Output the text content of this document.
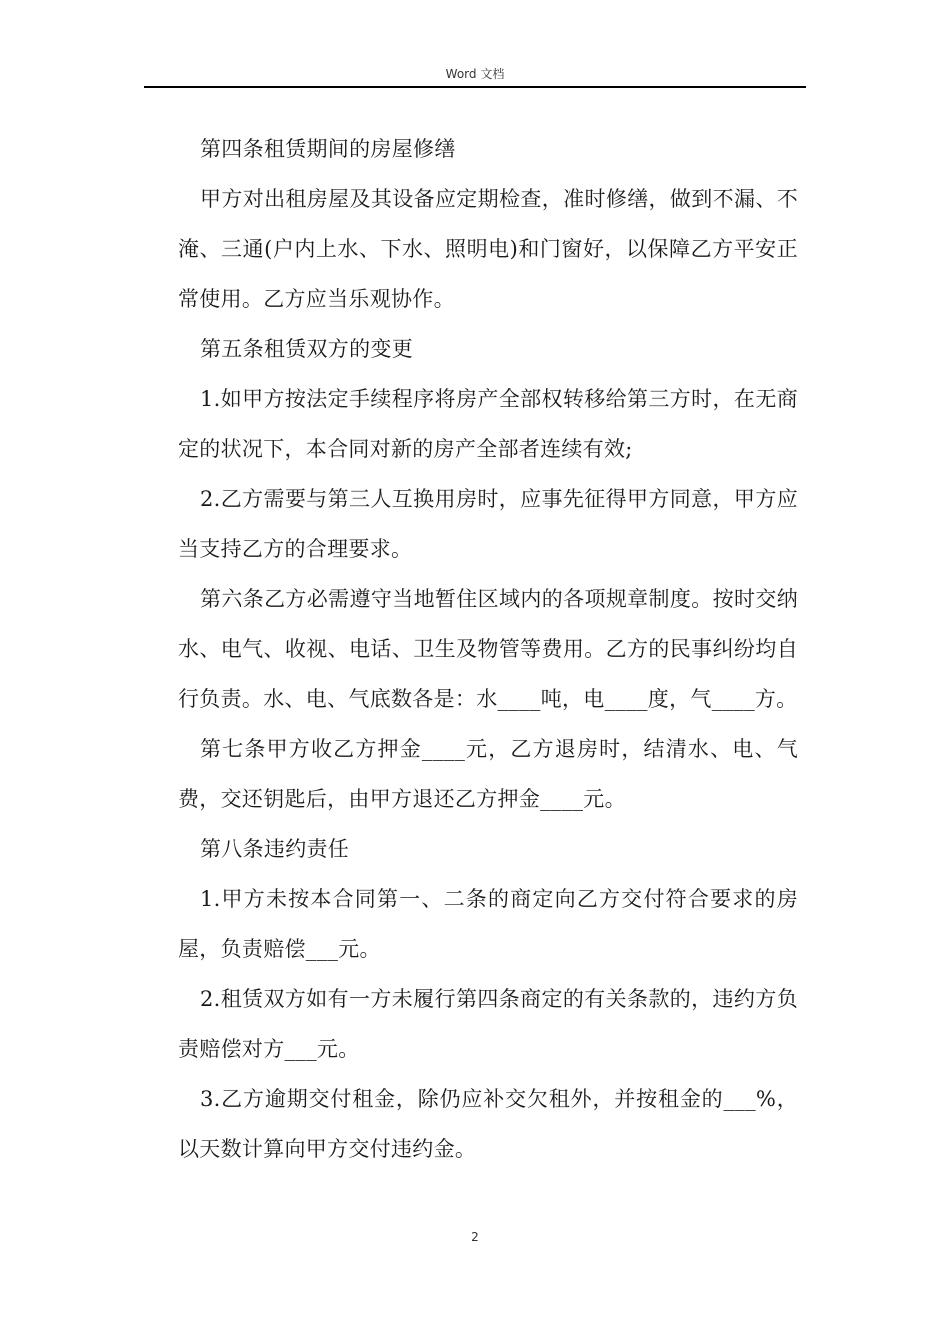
Word 文档

第四条租赁期间的房屋修缮

甲方对出租房屋及其设备应定期检查，准时修缮，做到不漏、不淹、三通(户内上水、下水、照明电)和门窗好，以保障乙方平安正常使用。乙方应当乐观协作。

第五条租赁双方的变更

1.如甲方按法定手续程序将房产全部权转移给第三方时，在无商定的状况下，本合同对新的房产全部者连续有效;

2.乙方需要与第三人互换用房时，应事先征得甲方同意，甲方应当支持乙方的合理要求。

第六条乙方必需遵守当地暂住区域内的各项规章制度。按时交纳水、电气、收视、电话、卫生及物管等费用。乙方的民事纠纷均自行负责。水、电、气底数各是：水____吨，电____度，气____方。

第七条甲方收乙方押金____元，乙方退房时，结清水、电、气费，交还钥匙后，由甲方退还乙方押金____元。

第八条违约责任

1.甲方未按本合同第一、二条的商定向乙方交付符合要求的房屋，负责赔偿___元。

2.租赁双方如有一方未履行第四条商定的有关条款的，违约方负责赔偿对方___元。

3.乙方逾期交付租金，除仍应补交欠租外，并按租金的___%，以天数计算向甲方交付违约金。

2
